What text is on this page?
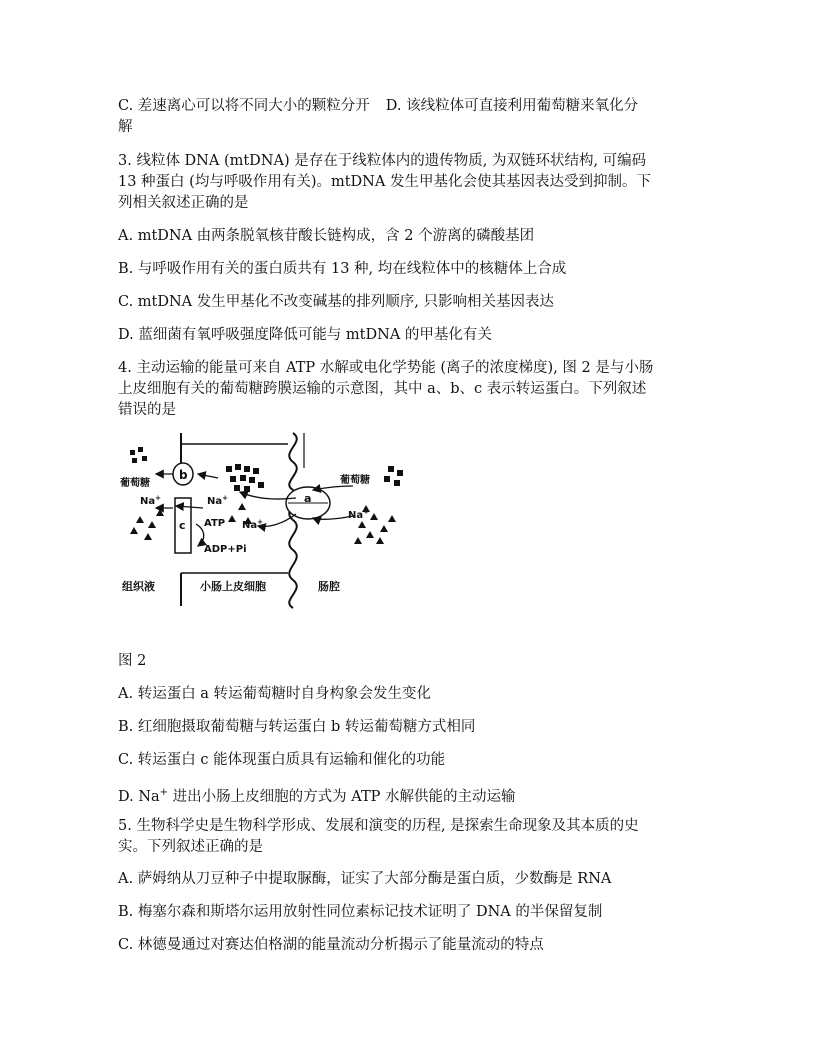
C. 差速离心可以将不同大小的颗粒分开 D. 该线粒体可直接利用葡萄糖来氧化分
解
3. 线粒体 DNA (mtDNA) 是存在于线粒体内的遗传物质, 为双链环状结构, 可编码
13 种蛋白 (均与呼吸作用有关)。mtDNA 发生甲基化会使其基因表达受到抑制。下
列相关叙述正确的是
A. mtDNA 由两条脱氧核苷酸长链构成，含 2 个游离的磷酸基团
B. 与呼吸作用有关的蛋白质共有 13 种, 均在线粒体中的核糖体上合成
C. mtDNA 发生甲基化不改变碱基的排列顺序, 只影响相关基因表达
D. 蓝细菌有氧呼吸强度降低可能与 mtDNA 的甲基化有关
4. 主动运输的能量可来自 ATP 水解或电化学势能 (离子的浓度梯度), 图 2 是与小肠
上皮细胞有关的葡萄糖跨膜运输的示意图，其中 a、b、c 表示转运蛋白。下列叙述
错误的是
b
c
a
葡萄糖	葡萄糖
Na+	Na+
Na+
Na+
ATP
ADP+Pi
组织液	小肠上皮细胞	肠腔
图 2
A. 转运蛋白 a 转运葡萄糖时自身构象会发生变化
B. 红细胞摄取葡萄糖与转运蛋白 b 转运葡萄糖方式相同
C. 转运蛋白 c 能体现蛋白质具有运输和催化的功能
D. Na+ 进出小肠上皮细胞的方式为 ATP 水解供能的主动运输
5. 生物科学史是生物科学形成、发展和演变的历程, 是探索生命现象及其本质的史
实。下列叙述正确的是
A. 萨姆纳从刀豆种子中提取脲酶，证实了大部分酶是蛋白质，少数酶是 RNA
B. 梅塞尔森和斯塔尔运用放射性同位素标记技术证明了 DNA 的半保留复制
C. 林德曼通过对赛达伯格湖的能量流动分析揭示了能量流动的特点
